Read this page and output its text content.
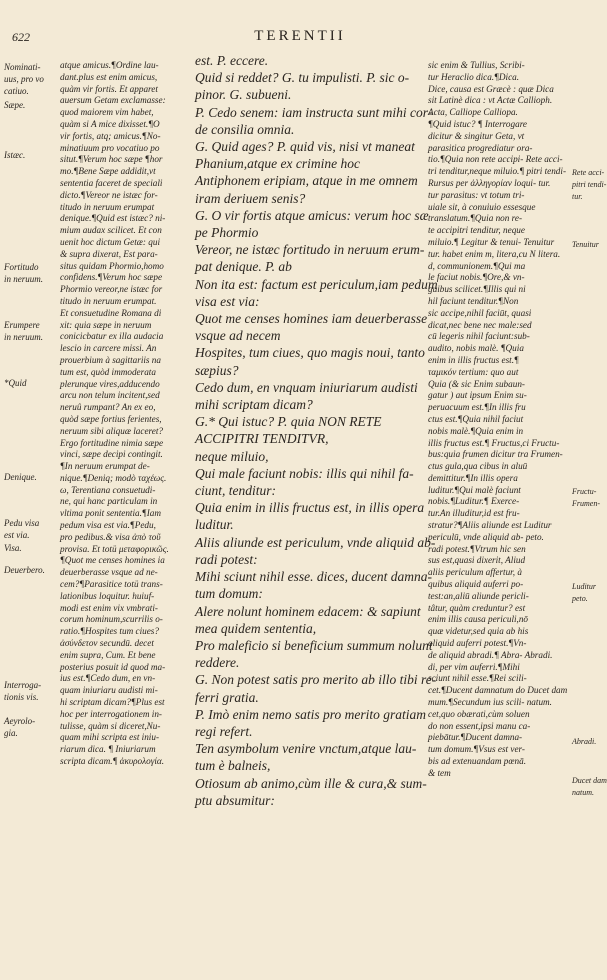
622	TERENTII
Nominati-
uus, pro vo
catiuo.
Sæpe.
Istæc.
Fortitudo
in neruum.
Erumpere
in neruum.
*Quid
Denique.
Pedu visa
est via.
Visa.
Deuerbero.
Interroga-
tionis vis.
Aeyrolo-
gia.
atque amicus.¶Ordine lau-
dant.plus est enim amicus,
quàm vir fortis. Et apparet
auersum Getam exclamasse:
quod maiorem vim habet,
quàm si A mice dixisset.¶O
vir fortis, atq; amicus.¶No-
minatiuum pro vocatiuo po
situt.¶Verum hoc sæpe ¶hor
mo.¶Bene Sæpe addidit,vt
sententia faceret de speciali
dicto.¶Vereor ne istæc for-
titudo in neruum erumpat
denique.¶Quid est istæc? ni-
mium audax scilicet. Et con
uenit hoc dictum Getæ: qui
& supra dixerat, Est para-
situs quidam Phormio,homo
confidens.¶Verum hoc sæpe
Phormio vereor,ne istæc for
titudo in neruum erumpat.
Et consuetudine Romana di
xit: quia sæpe in neruum
conicicbatur ex illa audacia
lescio in carcere missi. An
prouerbium à sagittariis na
tum est, quòd immoderata
plerunque vires,adducendo
arcu non telum incitent,sed
neruû rumpant? An ex eo,
quòd sæpe fortius ferientes,
neruum sibi aliquæ laceret?
Ergo fortitudine nimia sæpe
vinci, sæpe decipi contingit.
¶In neruum erumpat de-
nique.¶Deniq; modò ταχέως.
ω, Terentiana consuetudi-
ne, qui hanc particulam in
vltima ponit sententia.¶Iam
pedum visa est via.¶Pedu,
pro pedibus.& visa ἀπὸ τοῦ
provisa. Et totü μεταφορικῶς.
¶Quot me censes homines ia
deuerberasse vsque ad ne-
cem?¶Parasitice totü trans-
lationibus loquitur. huiuf-
modi est enim vix vmbrati-
corum hominum,scurrilis o-
ratio.¶Hospites tum ciues?
ἀσύνδετον secundū. decet
enim supra, Cum. Et bene
posterius posuit id quod ma-
ius est.¶Cedo dum, en vn-
quam iniuriaru audisti mi-
hi scriptam dicam?¶Plus est
hoc per interrogationem in-
tulisse, quàm si diceret,Nu-
quam mihi scripta est iniu-
riarum dica. ¶ Iniuriarum
scripta dicam.¶ ἀκυρολογία.
est. P. eccere.
Quid si reddet? G. tu impulisti. P. sic o-
pinor. G. subueni.
P. Cedo senem: iam instructa sunt mihi cor-
de consilia omnia.
G. Quid ages? P. quid vis, nisi vt maneat
Phanium,atque ex crimine hoc
Antiphonem eripiam, atque in me omnem
iram deriuem senis?
G. O vir fortis atque amicus: verum hoc sæ
pe Phormio
Vereor, ne istæc fortitudo in neruum erum-
pat denique. P. ab
Non ita est: factum est periculum,iam pedum
visa est via:
Quot me censes homines iam deuerberasse
vsque ad necem
Hospites, tum ciues, quo magis noui, tanto
sæpius?
Cedo dum, en vnquam iniuriarum audisti
mihi scriptam dicam?
G.* Qui istuc? P. quia NON RETE
ACCIPITRI TENDITVR,
neque miluio,
Qui male faciunt nobis: illis qui nihil fa-
ciunt, tenditur:
Quia enim in illis fructus est, in illis opera
luditur.
Aliis aliunde est periculum, vnde aliquid ab-
radi potest:
Mihi sciunt nihil esse. dices, ducent damna-
tum domum:
Alere nolunt hominem edacem: & sapiunt
mea quidem sententia,
Pro maleficio si beneficium summum nolunt
reddere.
G. Non potest satis pro merito ab illo tibi re-
ferri gratia.
P. Imò enim nemo satis pro merito gratiam
regi refert.
Ten asymbolum venire vnctum,atque lau-
tum è balneis,
Otiosum ab animo,cùm ille & cura,& sum-
ptu absumitur:
sic enim & Tullius, Scribi-
tur Heraclio dica.¶Dica.
Dice, causa est Græcè : quæ Dica
sit Latinè dica : vt Actæ Callioph.
Acta, Calliope Calliopa.
¶Quid istuc? ¶ Interrogare
dicitur & singitur Geta, vt
parasitica progrediatur ora-
tio.¶Quia non rete accipi- Rete acci-
tri tenditur,neque miluio.¶ pitri tendi-
Rursus per ἀλληγορίαν loqui- tur.
tur parasitus: vt totum tri-
uiale sit, à conuiuio essesque
translatum.¶Quia non re-
te accipitri tenditur, neque
miluio.¶ Legitur & tenui- Tenuitur
tur. habet enim m, litera,cu N litera.
d, communionem.¶Qui ma
le faciut nobis.¶Ore,& vn-
guibus scilicet.¶Illis qui ni
hil faciunt tenditur.¶Non
sic accipe,nihil faciūt, quasi
dicat,nec bene nec male:sed
cū legeris nihil faciunt:sub-
audito, nobis malè. ¶Quia
enim in illis fructus est.¶
ταμικόν tertium: quo aut
Quia (& sic Enim subaun-
gatur ) aut ipsum Enim su-
peruacuum est.¶In illis fru
ctus est.¶Quia nihil faciut
nobis malè.¶Quia enim in
illis fructus est.¶ Fructus,ci Fructu-
bus:quia frumen dicitur tra Frumen-
ctus gula,qua cibus in aluū
demittitur.¶In illis opera
luditur.¶Qui malè faciunt
nobis.¶Luditur.¶ Exerce-
tur.An illuditur,id est fru-
stratur?¶Aliis aliunde est Luditur
periculū, vnde aliquid ab- peto.
radi potest.¶Vtrum hic sen
sus est,quasi dixerit, Aliud
aliis periculum affertur, à
quibus aliquid auferri po-
test:an,aliū aliunde pericli-
tâtur, quàm creduntur? est
enim illis causa periculi,nō
quæ videtur,sed quia ab his
aliquid auferri potest.¶Vn-
de aliquid abradi.¶ Abra- Abradi.
di, per vim auferri.¶Mihi
sciunt nihil esse.¶Rei scili-
cet.¶Ducent damnatum do Ducet dam
mum.¶Secundum ius scili- natum.
cet,quo obærati,cùm soluen
do non essent,ipsi manu ca-
piebātur.¶Ducent damna-
tum domum.¶Vsus est ver-
bis ad extenuandam pœnā.
& tem
Rete acci-
pitri tendi-
tur.
Tenuitur
Fructu-
Frumen-
Luditur
peto.
Abradi.
Ducet dam
natum.
